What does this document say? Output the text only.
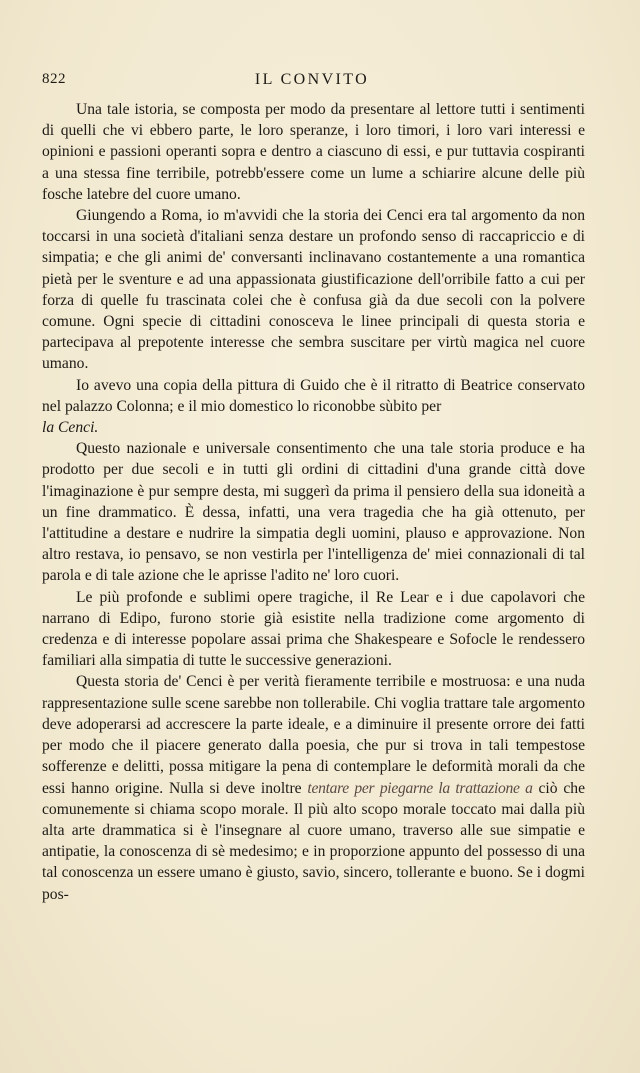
822	IL CONVITO

Una tale istoria, se composta per modo da presentare al lettore tutti i sentimenti di quelli che vi ebbero parte, le loro speranze, i loro timori, i loro vari interessi e opinioni e passioni operanti sopra e dentro a ciascuno di essi, e pur tuttavia cospiranti a una stessa fine terribile, potrebb'essere come un lume a schiarire alcune delle più fosche latebre del cuore umano.

Giungendo a Roma, io m'avvidi che la storia dei Cenci era tal argomento da non toccarsi in una società d'italiani senza destare un profondo senso di raccapriccio e di simpatia; e che gli animi de' conversanti inclinavano costantemente a una romantica pietà per le sventure e ad una appassionata giustificazione dell'orribile fatto a cui per forza di quelle fu trascinata colei che è confusa già da due secoli con la polvere comune. Ogni specie di cittadini conosceva le linee principali di questa storia e partecipava al prepotente interesse che sembra suscitare per virtù magica nel cuore umano.

Io avevo una copia della pittura di Guido che è il ritratto di Beatrice conservato nel palazzo Colonna; e il mio domestico lo riconobbe sùbito per
la Cenci.

Questo nazionale e universale consentimento che una tale storia produce e ha prodotto per due secoli e in tutti gli ordini di cittadini d'una grande città dove l'imaginazione è pur sempre desta, mi suggerì da prima il pensiero della sua idoneità a un fine drammatico. È dessa, infatti, una vera tragedia che ha già ottenuto, per l'attitudine a destare e nudrire la simpatia degli uomini, plauso e approvazione. Non altro restava, io pensavo, se non vestirla per l'intelligenza de' miei connazionali di tal parola e di tale azione che le aprisse l'adito ne' loro cuori.

Le più profonde e sublimi opere tragiche, il Re Lear e i due capolavori che narrano di Edipo, furono storie già esistite nella tradizione come argomento di credenza e di interesse popolare assai prima che Shakespeare e Sofocle le rendessero familiari alla simpatia di tutte le successive generazioni.

Questa storia de' Cenci è per verità fieramente terribile e mostruosa: e una nuda rappresentazione sulle scene sarebbe non tollerabile. Chi voglia trattare tale argomento deve adoperarsi ad accrescere la parte ideale, e a diminuire il presente orrore dei fatti per modo che il piacere generato dalla poesia, che pur si trova in tali tempestose sofferenze e delitti, possa mitigare la pena di contemplare le deformità morali da che essi hanno origine. Nulla si deve inoltre tentare per piegarne la trattazione a ciò che comunemente si chiama scopo morale. Il più alto scopo morale toccato mai dalla più alta arte drammatica si è l'insegnare al cuore umano, traverso alle sue simpatie e antipatie, la conoscenza di sè medesimo; e in proporzione appunto del possesso di una tal conoscenza un essere umano è giusto, savio, sincero, tollerante e buono. Se i dogmi pos-
